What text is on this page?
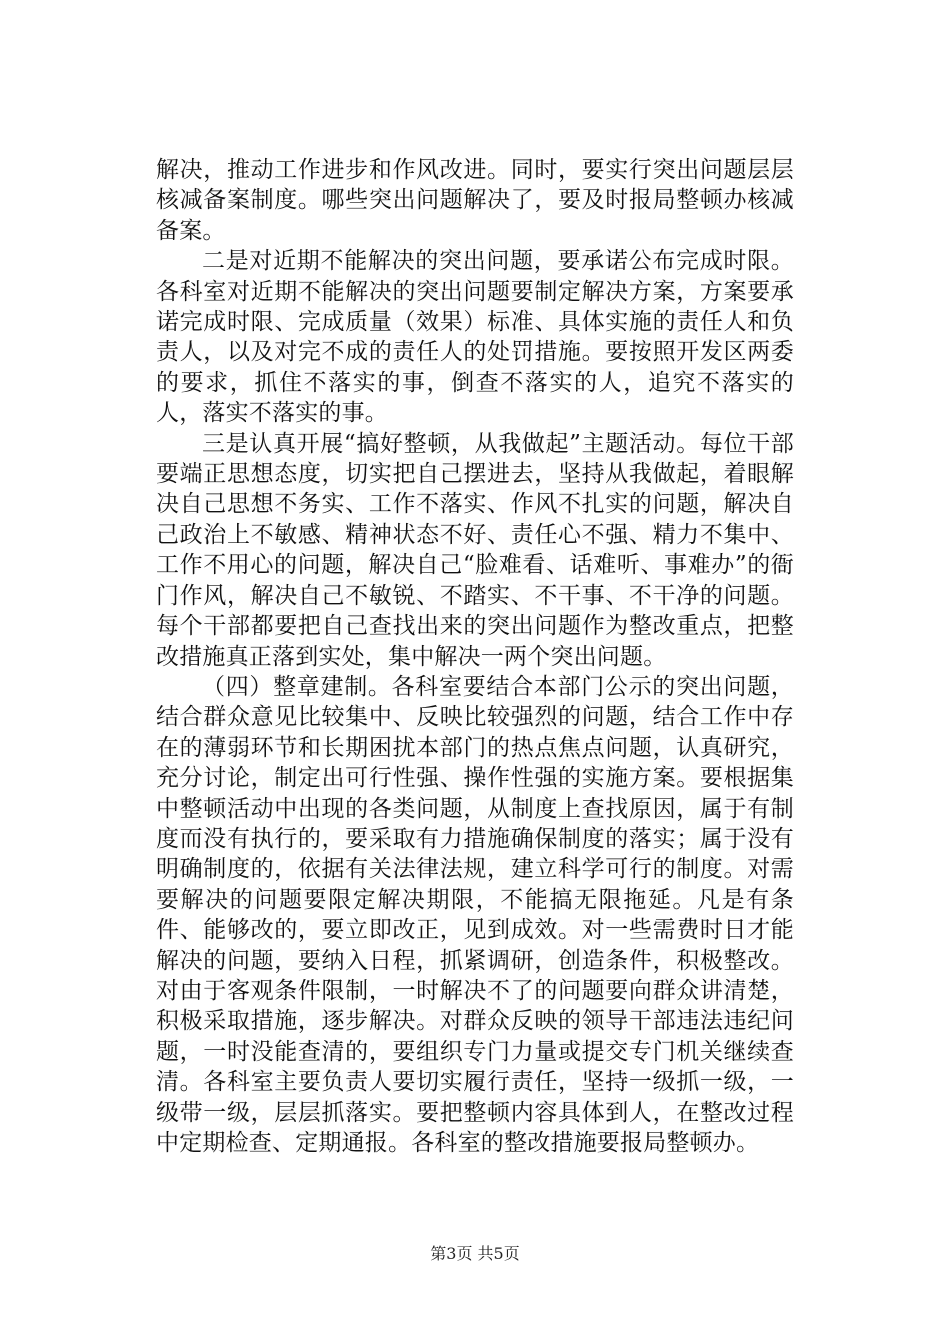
解决，推动工作进步和作风改进。同时，要实行突出问题层层核减备案制度。哪些突出问题解决了，要及时报局整顿办核减备案。

二是对近期不能解决的突出问题，要承诺公布完成时限。各科室对近期不能解决的突出问题要制定解决方案，方案要承诺完成时限、完成质量（效果）标准、具体实施的责任人和负责人，以及对完不成的责任人的处罚措施。要按照开发区两委的要求，抓住不落实的事，倒查不落实的人，追究不落实的人，落实不落实的事。

三是认真开展“搞好整顿，从我做起”主题活动。每位干部要端正思想态度，切实把自己摆进去，坚持从我做起，着眼解决自己思想不务实、工作不落实、作风不扎实的问题，解决自己政治上不敏感、精神状态不好、责任心不强、精力不集中、工作不用心的问题，解决自己“脸难看、话难听、事难办”的衙门作风，解决自己不敏锐、不踏实、不干事、不干净的问题。每个干部都要把自己查找出来的突出问题作为整改重点，把整改措施真正落到实处，集中解决一两个突出问题。

（四）整章建制。各科室要结合本部门公示的突出问题，结合群众意见比较集中、反映比较强烈的问题，结合工作中存在的薄弱环节和长期困扰本部门的热点焦点问题，认真研究，充分讨论，制定出可行性强、操作性强的实施方案。要根据集中整顿活动中出现的各类问题，从制度上查找原因，属于有制度而没有执行的，要采取有力措施确保制度的落实；属于没有明确制度的，依据有关法律法规，建立科学可行的制度。对需要解决的问题要限定解决期限，不能搞无限拖延。凡是有条件、能够改的，要立即改正，见到成效。对一些需费时日才能解决的问题，要纳入日程，抓紧调研，创造条件，积极整改。对由于客观条件限制，一时解决不了的问题要向群众讲清楚，积极采取措施，逐步解决。对群众反映的领导干部违法违纪问题，一时没能查清的，要组织专门力量或提交专门机关继续查清。各科室主要负责人要切实履行责任，坚持一级抓一级，一级带一级，层层抓落实。要把整顿内容具体到人，在整改过程中定期检查、定期通报。各科室的整改措施要报局整顿办。

第3页 共5页
